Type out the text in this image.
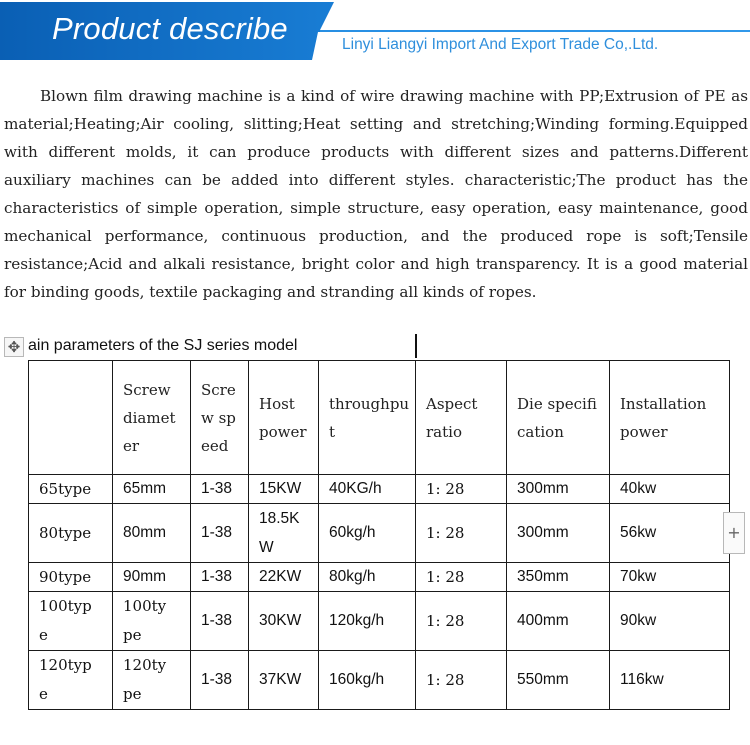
Product describe	Linyi Liangyi Import And Export Trade Co,.Ltd.

Blown film drawing machine is a kind of wire drawing machine with PP;Extrusion of PE as material;Heating;Air cooling, slitting;Heat setting and stretching;Winding forming.Equipped with different molds, it can produce products with different sizes and patterns.Different auxiliary machines can be added into different styles. characteristic;The product has the characteristics of simple operation, simple structure, easy operation, easy maintenance, good mechanical performance, continuous production, and the produced rope is soft;Tensile resistance;Acid and alkali resistance, bright color and high transparency. It is a good material for binding goods, textile packaging and stranding all kinds of ropes.

✥ ain parameters of the SJ series model

	Screw diameter	Screw speed	Host power	throughput	Aspect ratio	Die specification	Installation power

65type	65mm	1-38	15KW	40KG/h	1: 28	300mm	40kw
80type	80mm	1-38	18.5KW	60kg/h	1: 28	300mm	56kw
90type	90mm	1-38	22KW	80kg/h	1: 28	350mm	70kw

100type	100type	1-38	30KW	120kg/h	1: 28	400mm	90kw

120type	120type	1-38	37KW	160kg/h	1: 28	550mm	116kw
+
